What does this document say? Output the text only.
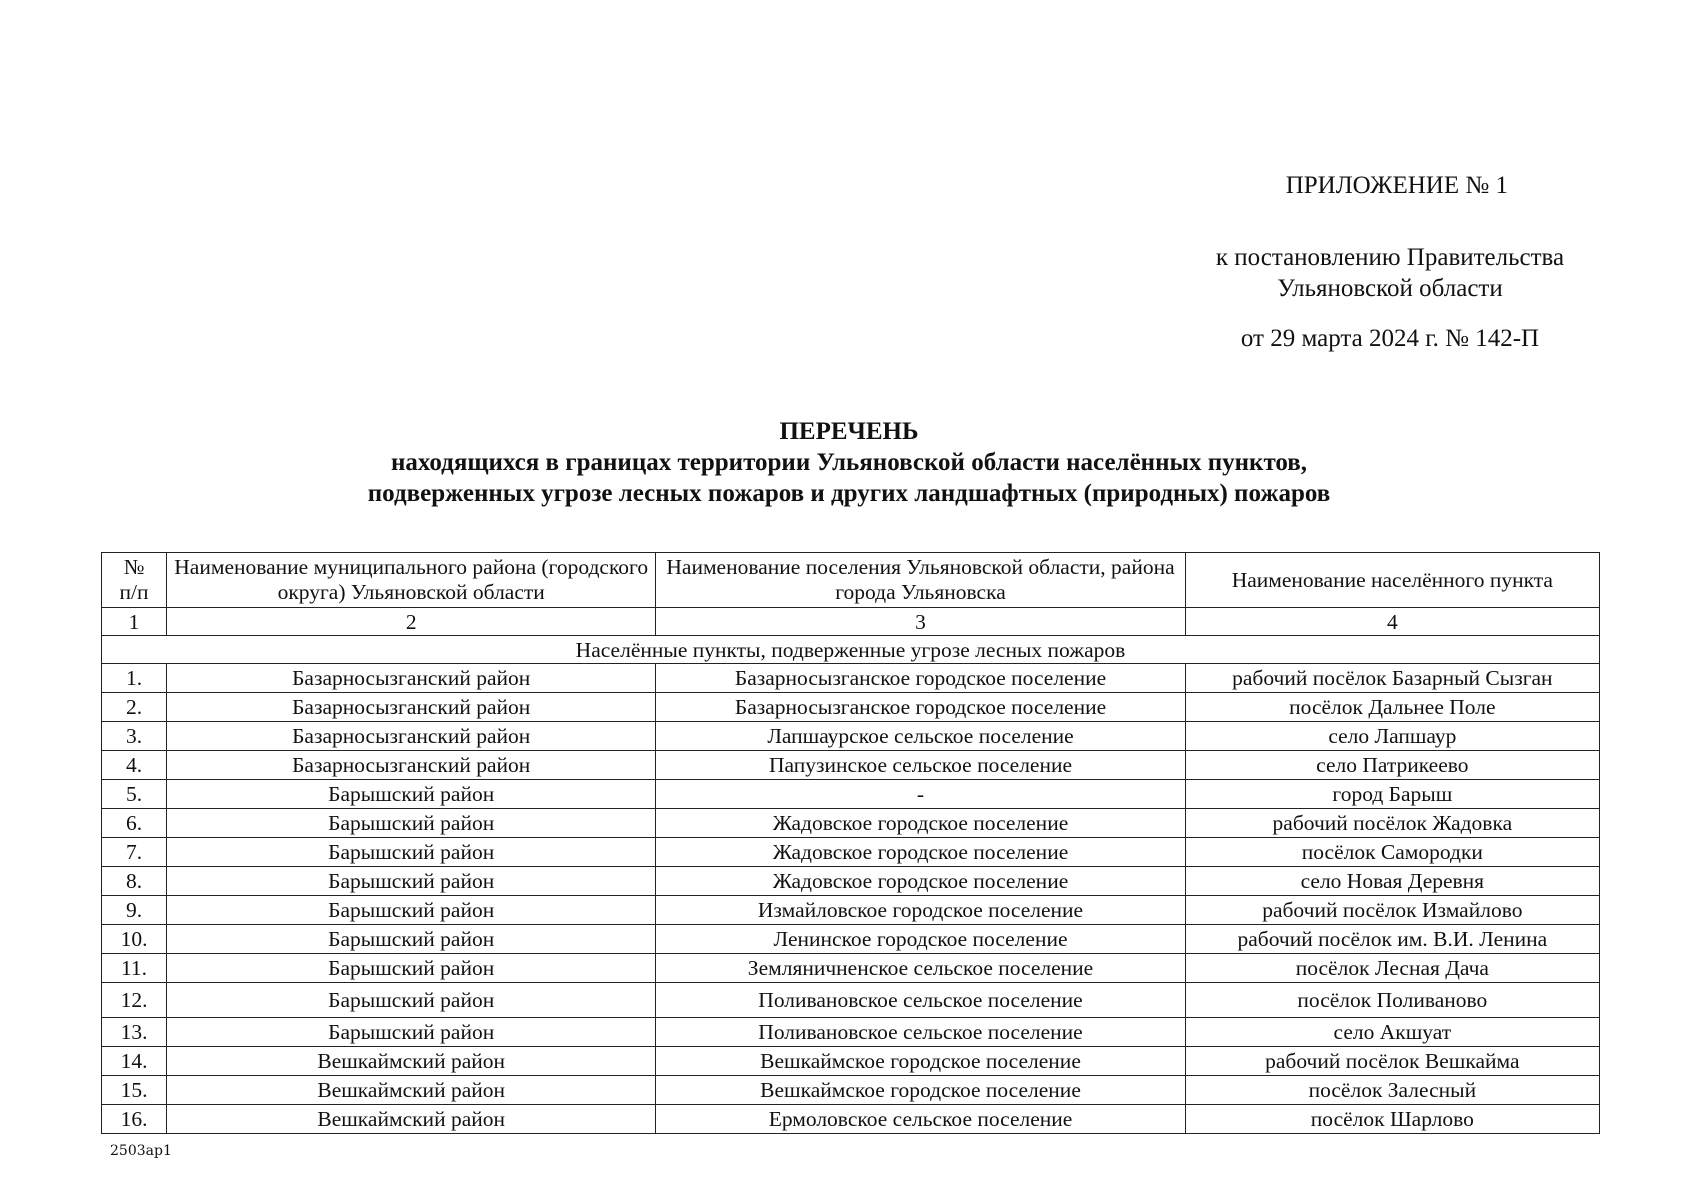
ПРИЛОЖЕНИЕ № 1
к постановлению Правительства
Ульяновской области
от 29 марта 2024 г. № 142-П
ПЕРЕЧЕНЬ
находящихся в границах территории Ульяновской области населённых пунктов,
подверженных угрозе лесных пожаров и других ландшафтных (природных) пожаров
№
п/п	Наименование муниципального района (городского округа) Ульяновской области	Наименование поселения Ульяновской области, района города Ульяновска	Наименование населённого пункта
1	2	3	4
Населённые пункты, подверженные угрозе лесных пожаров			
1.	Базарносызганский район	Базарносызганское городское поселение	рабочий посёлок Базарный Сызган
2.	Базарносызганский район	Базарносызганское городское поселение	посёлок Дальнее Поле
3.	Базарносызганский район	Лапшаурское сельское поселение	село Лапшаур
4.	Базарносызганский район	Папузинское сельское поселение	село Патрикеево
5.	Барышский район	-	город Барыш
6.	Барышский район	Жадовское городское поселение	рабочий посёлок Жадовка
7.	Барышский район	Жадовское городское поселение	посёлок Самородки
8.	Барышский район	Жадовское городское поселение	село Новая Деревня
9.	Барышский район	Измайловское городское поселение	рабочий посёлок Измайлово
10.	Барышский район	Ленинское городское поселение	рабочий посёлок им. В.И. Ленина
11.	Барышский район	Земляничненское сельское поселение	посёлок Лесная Дача
12.	Барышский район	Поливановское сельское поселение	посёлок Поливаново
13.	Барышский район	Поливановское сельское поселение	село Акшуат
14.	Вешкаймский район	Вешкаймское городское поселение	рабочий посёлок Вешкайма
15.	Вешкаймский район	Вешкаймское городское поселение	посёлок Залесный
16.	Вешкаймский район	Ермоловское сельское поселение	посёлок Шарлово
2503ap1
